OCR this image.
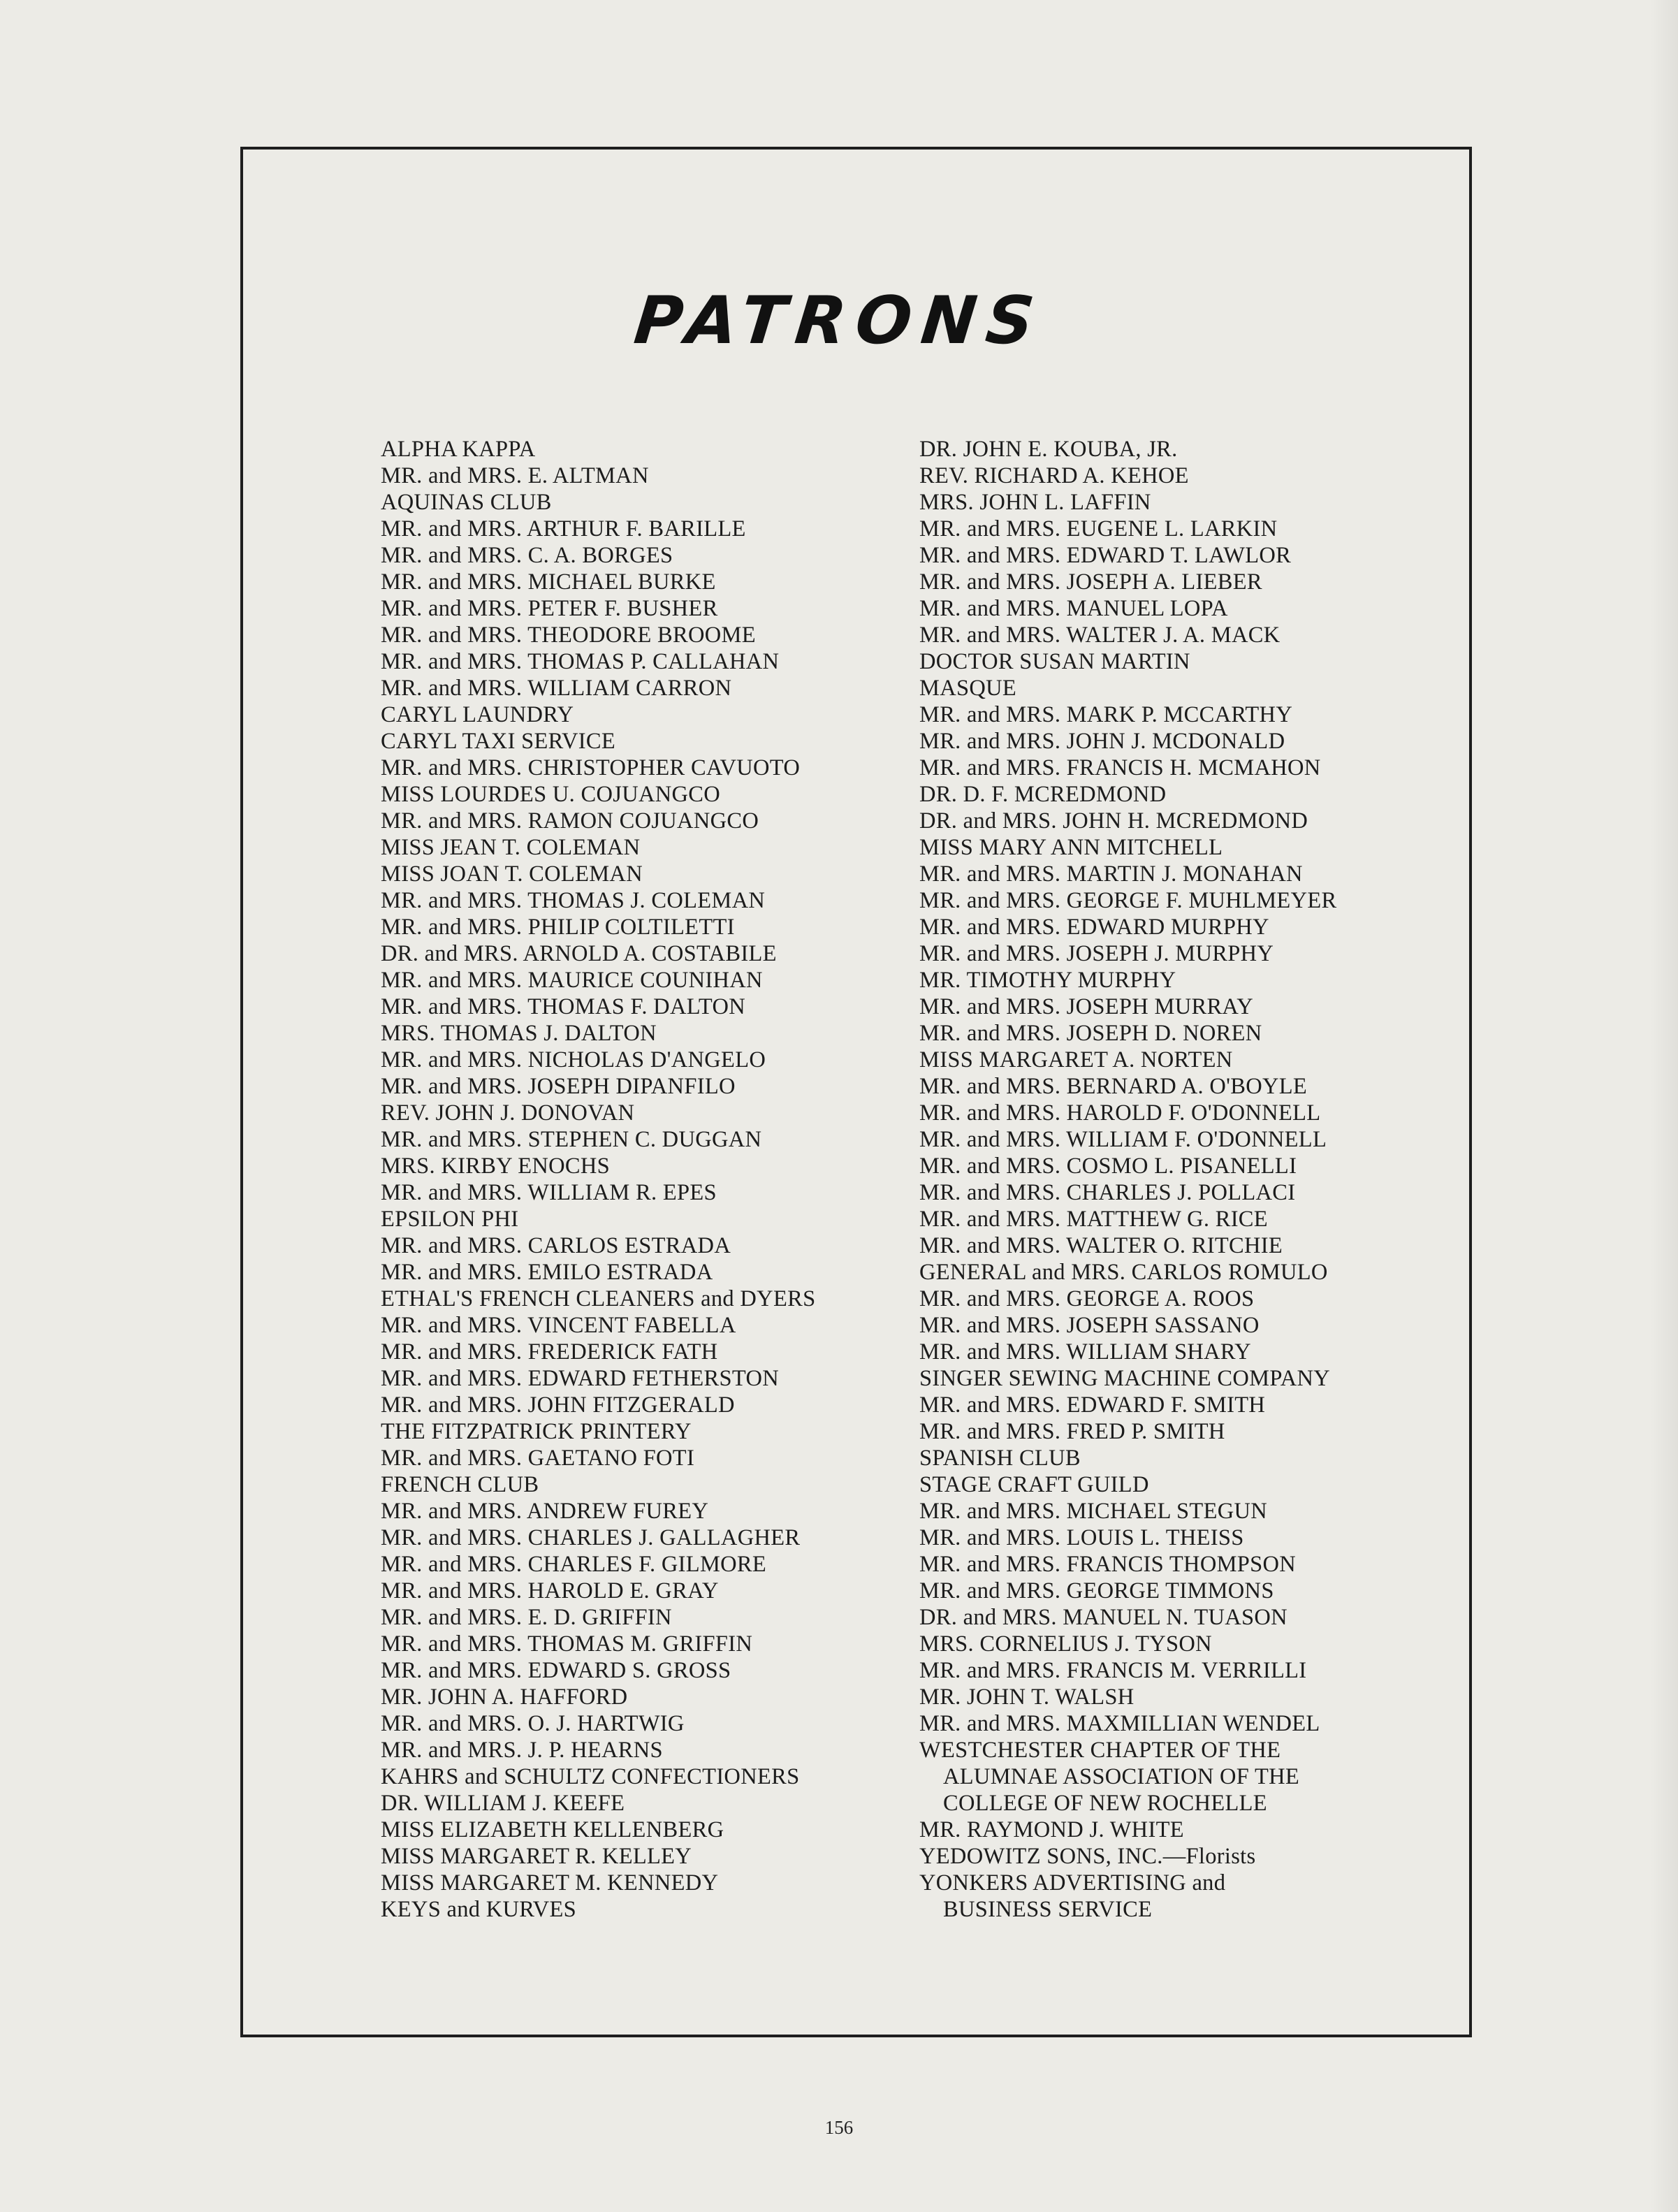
PATRONS
ALPHA KAPPA
MR. and MRS. E. ALTMAN
AQUINAS CLUB
MR. and MRS. ARTHUR F. BARILLE
MR. and MRS. C. A. BORGES
MR. and MRS. MICHAEL BURKE
MR. and MRS. PETER F. BUSHER
MR. and MRS. THEODORE BROOME
MR. and MRS. THOMAS P. CALLAHAN
MR. and MRS. WILLIAM CARRON
CARYL LAUNDRY
CARYL TAXI SERVICE
MR. and MRS. CHRISTOPHER CAVUOTO
MISS LOURDES U. COJUANGCO
MR. and MRS. RAMON COJUANGCO
MISS JEAN T. COLEMAN
MISS JOAN T. COLEMAN
MR. and MRS. THOMAS J. COLEMAN
MR. and MRS. PHILIP COLTILETTI
DR. and MRS. ARNOLD A. COSTABILE
MR. and MRS. MAURICE COUNIHAN
MR. and MRS. THOMAS F. DALTON
MRS. THOMAS J. DALTON
MR. and MRS. NICHOLAS D'ANGELO
MR. and MRS. JOSEPH DIPANFILO
REV. JOHN J. DONOVAN
MR. and MRS. STEPHEN C. DUGGAN
MRS. KIRBY ENOCHS
MR. and MRS. WILLIAM R. EPES
EPSILON PHI
MR. and MRS. CARLOS ESTRADA
MR. and MRS. EMILO ESTRADA
ETHAL'S FRENCH CLEANERS and DYERS
MR. and MRS. VINCENT FABELLA
MR. and MRS. FREDERICK FATH
MR. and MRS. EDWARD FETHERSTON
MR. and MRS. JOHN FITZGERALD
THE FITZPATRICK PRINTERY
MR. and MRS. GAETANO FOTI
FRENCH CLUB
MR. and MRS. ANDREW FUREY
MR. and MRS. CHARLES J. GALLAGHER
MR. and MRS. CHARLES F. GILMORE
MR. and MRS. HAROLD E. GRAY
MR. and MRS. E. D. GRIFFIN
MR. and MRS. THOMAS M. GRIFFIN
MR. and MRS. EDWARD S. GROSS
MR. JOHN A. HAFFORD
MR. and MRS. O. J. HARTWIG
MR. and MRS. J. P. HEARNS
KAHRS and SCHULTZ CONFECTIONERS
DR. WILLIAM J. KEEFE
MISS ELIZABETH KELLENBERG
MISS MARGARET R. KELLEY
MISS MARGARET M. KENNEDY
KEYS and KURVES
DR. JOHN E. KOUBA, JR.
REV. RICHARD A. KEHOE
MRS. JOHN L. LAFFIN
MR. and MRS. EUGENE L. LARKIN
MR. and MRS. EDWARD T. LAWLOR
MR. and MRS. JOSEPH A. LIEBER
MR. and MRS. MANUEL LOPA
MR. and MRS. WALTER J. A. MACK
DOCTOR SUSAN MARTIN
MASQUE
MR. and MRS. MARK P. MCCARTHY
MR. and MRS. JOHN J. MCDONALD
MR. and MRS. FRANCIS H. MCMAHON
DR. D. F. MCREDMOND
DR. and MRS. JOHN H. MCREDMOND
MISS MARY ANN MITCHELL
MR. and MRS. MARTIN J. MONAHAN
MR. and MRS. GEORGE F. MUHLMEYER
MR. and MRS. EDWARD MURPHY
MR. and MRS. JOSEPH J. MURPHY
MR. TIMOTHY MURPHY
MR. and MRS. JOSEPH MURRAY
MR. and MRS. JOSEPH D. NOREN
MISS MARGARET A. NORTEN
MR. and MRS. BERNARD A. O'BOYLE
MR. and MRS. HAROLD F. O'DONNELL
MR. and MRS. WILLIAM F. O'DONNELL
MR. and MRS. COSMO L. PISANELLI
MR. and MRS. CHARLES J. POLLACI
MR. and MRS. MATTHEW G. RICE
MR. and MRS. WALTER O. RITCHIE
GENERAL and MRS. CARLOS ROMULO
MR. and MRS. GEORGE A. ROOS
MR. and MRS. JOSEPH SASSANO
MR. and MRS. WILLIAM SHARY
SINGER SEWING MACHINE COMPANY
MR. and MRS. EDWARD F. SMITH
MR. and MRS. FRED P. SMITH
SPANISH CLUB
STAGE CRAFT GUILD
MR. and MRS. MICHAEL STEGUN
MR. and MRS. LOUIS L. THEISS
MR. and MRS. FRANCIS THOMPSON
MR. and MRS. GEORGE TIMMONS
DR. and MRS. MANUEL N. TUASON
MRS. CORNELIUS J. TYSON
MR. and MRS. FRANCIS M. VERRILLI
MR. JOHN T. WALSH
MR. and MRS. MAXMILLIAN WENDEL
WESTCHESTER CHAPTER OF THE
ALUMNAE ASSOCIATION OF THE
COLLEGE OF NEW ROCHELLE
MR. RAYMOND J. WHITE
YEDOWITZ SONS, INC.—Florists
YONKERS ADVERTISING and
BUSINESS SERVICE
156
